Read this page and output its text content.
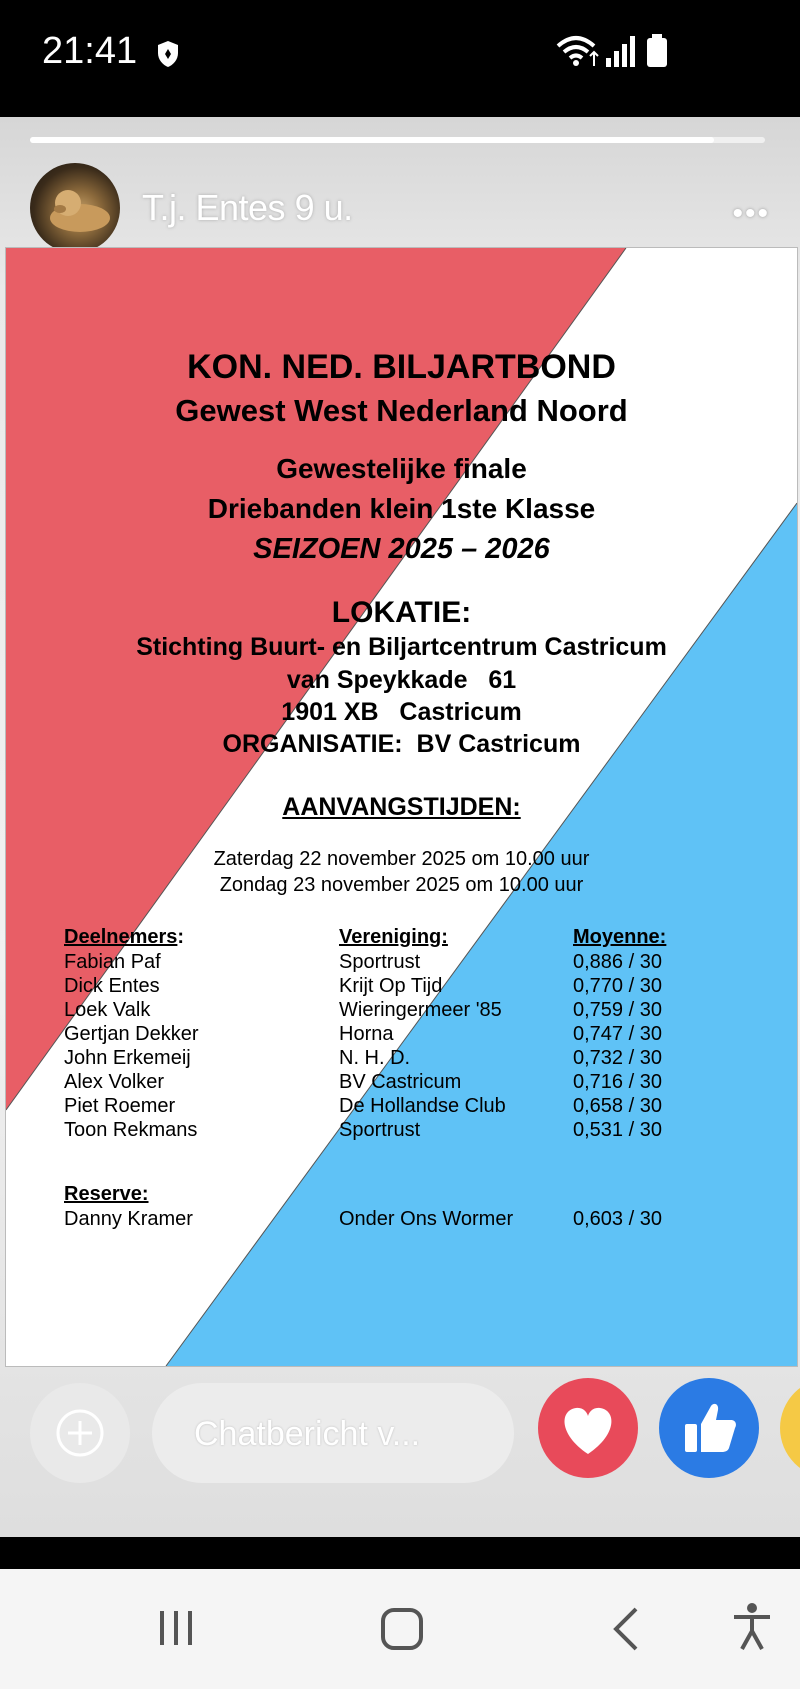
21:41
T.j. Entes 9 u.	•••
KON. NED. BILJARTBOND
Gewest West Nederland Noord
Gewestelijke finale
Driebanden klein 1ste Klasse
SEIZOEN 2025 – 2026
LOKATIE:
Stichting Buurt- en Biljartcentrum Castricum
van Speykkade   61
1901 XB   Castricum
ORGANISATIE:  BV Castricum
AANVANGSTIJDEN:
Zaterdag 22 november 2025 om 10.00 uur
Zondag 23 november 2025 om 10.00 uur
Deelnemers:	Vereniging:	Moyenne:
Fabian Paf	Sportrust	0,886 / 30
Dick Entes	Krijt Op Tijd	0,770 / 30
Loek Valk	Wieringermeer '85	0,759 / 30
Gertjan Dekker	Horna	0,747 / 30
John Erkemeij	N. H. D.	0,732 / 30
Alex Volker	BV Castricum	0,716 / 30
Piet Roemer	De Hollandse Club	0,658 / 30
Toon Rekmans	Sportrust	0,531 / 30
Reserve:
Danny Kramer	Onder Ons Wormer	0,603 / 30
Chatbericht v...
